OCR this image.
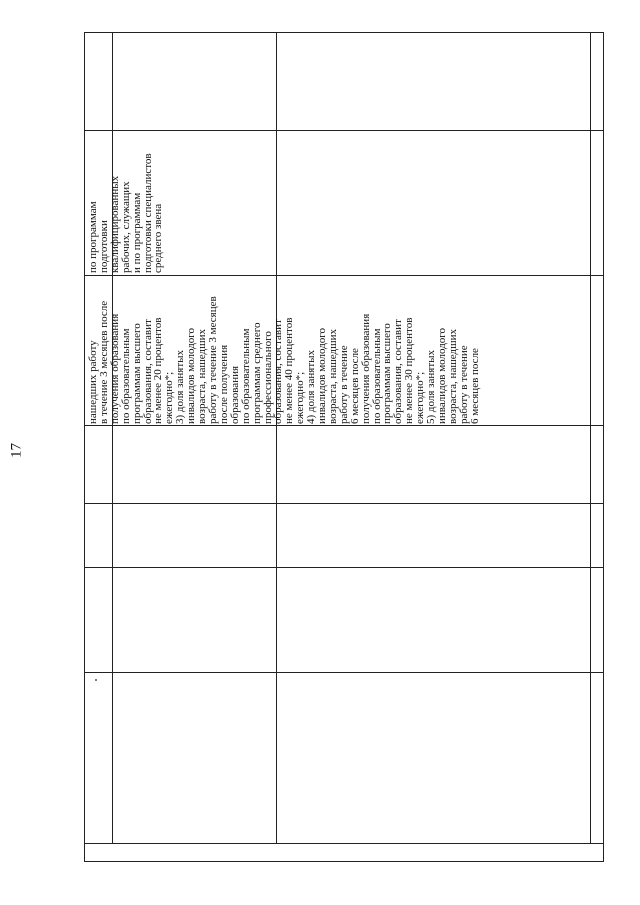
17
нашедших работу
в течение 3 месяцев после
получения образования
по образовательным
программам высшего
образования, составит
не менее 20 процентов
ежегодно*;
3) доля занятых
инвалидов молодого
возраста, нашедших
работу в течение 3 месяцев
после получения
образования
по образовательным
программам среднего
профессионального
образования, составит
не менее 40 процентов
ежегодно*;
4) доля занятых
инвалидов молодого
возраста, нашедших
работу в течение
6 месяцев после
получения образования
по образовательным
программам высшего
образования, составит
не менее 30 процентов
ежегодно*;
5) доля занятых
инвалидов молодого
возраста, нашедших
работу в течение
6 месяцев после
по программам
подготовки
квалифицированных
рабочих, служащих
и по программам
подготовки специалистов
среднего звена
